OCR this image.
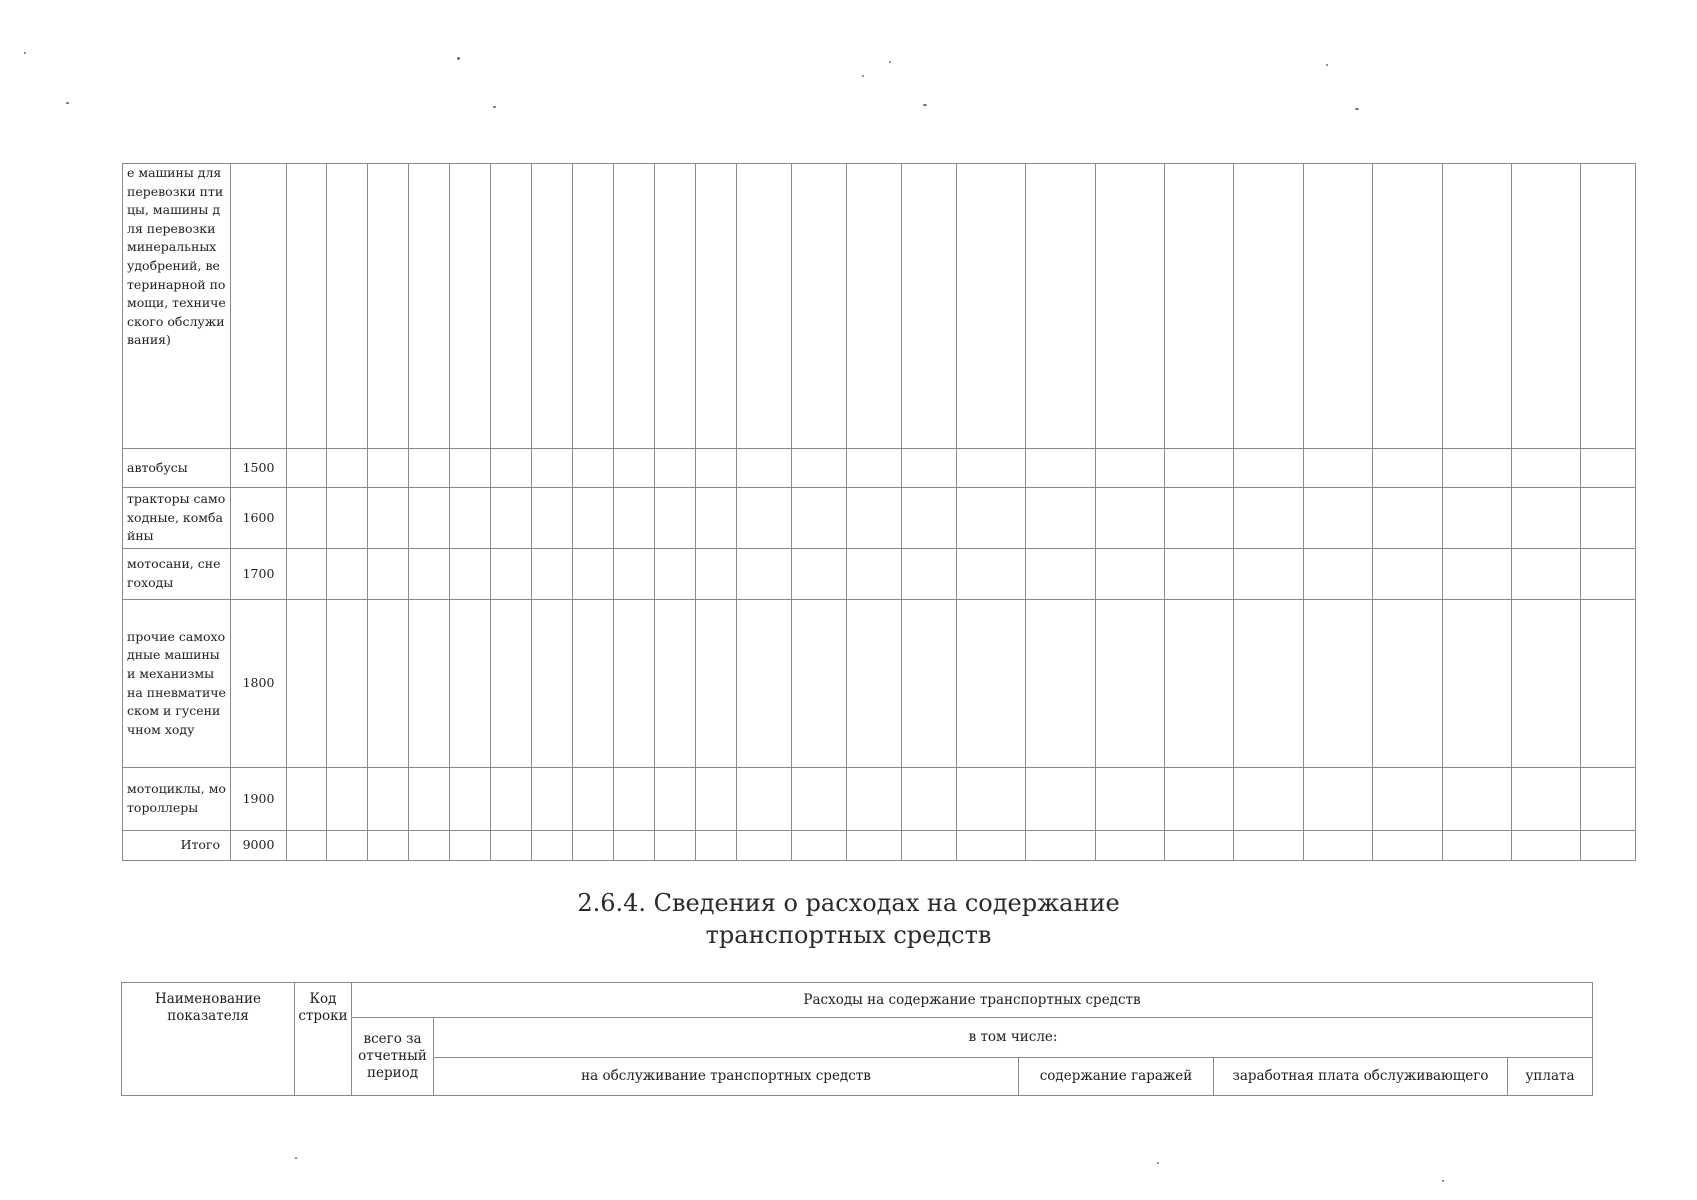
е машины для перевозки птицы, машины для перевозки минеральных удобрений, ветеринарной помощи, технического обслуживания)																										
автобусы	1500																									
тракторы самоходные, комбайны	1600																									
мотосани, снегоходы	1700																									
прочие самоходные машины и механизмы на пневматическом и гусеничном ходу	1800																									
мотоциклы, мотороллеры	1900																									
Итого	9000																									
2.6.4. Сведения о расходах на содержание
транспортных средств
Наименование показателя	Код строки	Расходы на содержание транспортных средств				
		всего за отчетный период	в том числе:			
			на обслуживание транспортных средств	содержание гаражей	заработная плата обслуживающего	уплата
